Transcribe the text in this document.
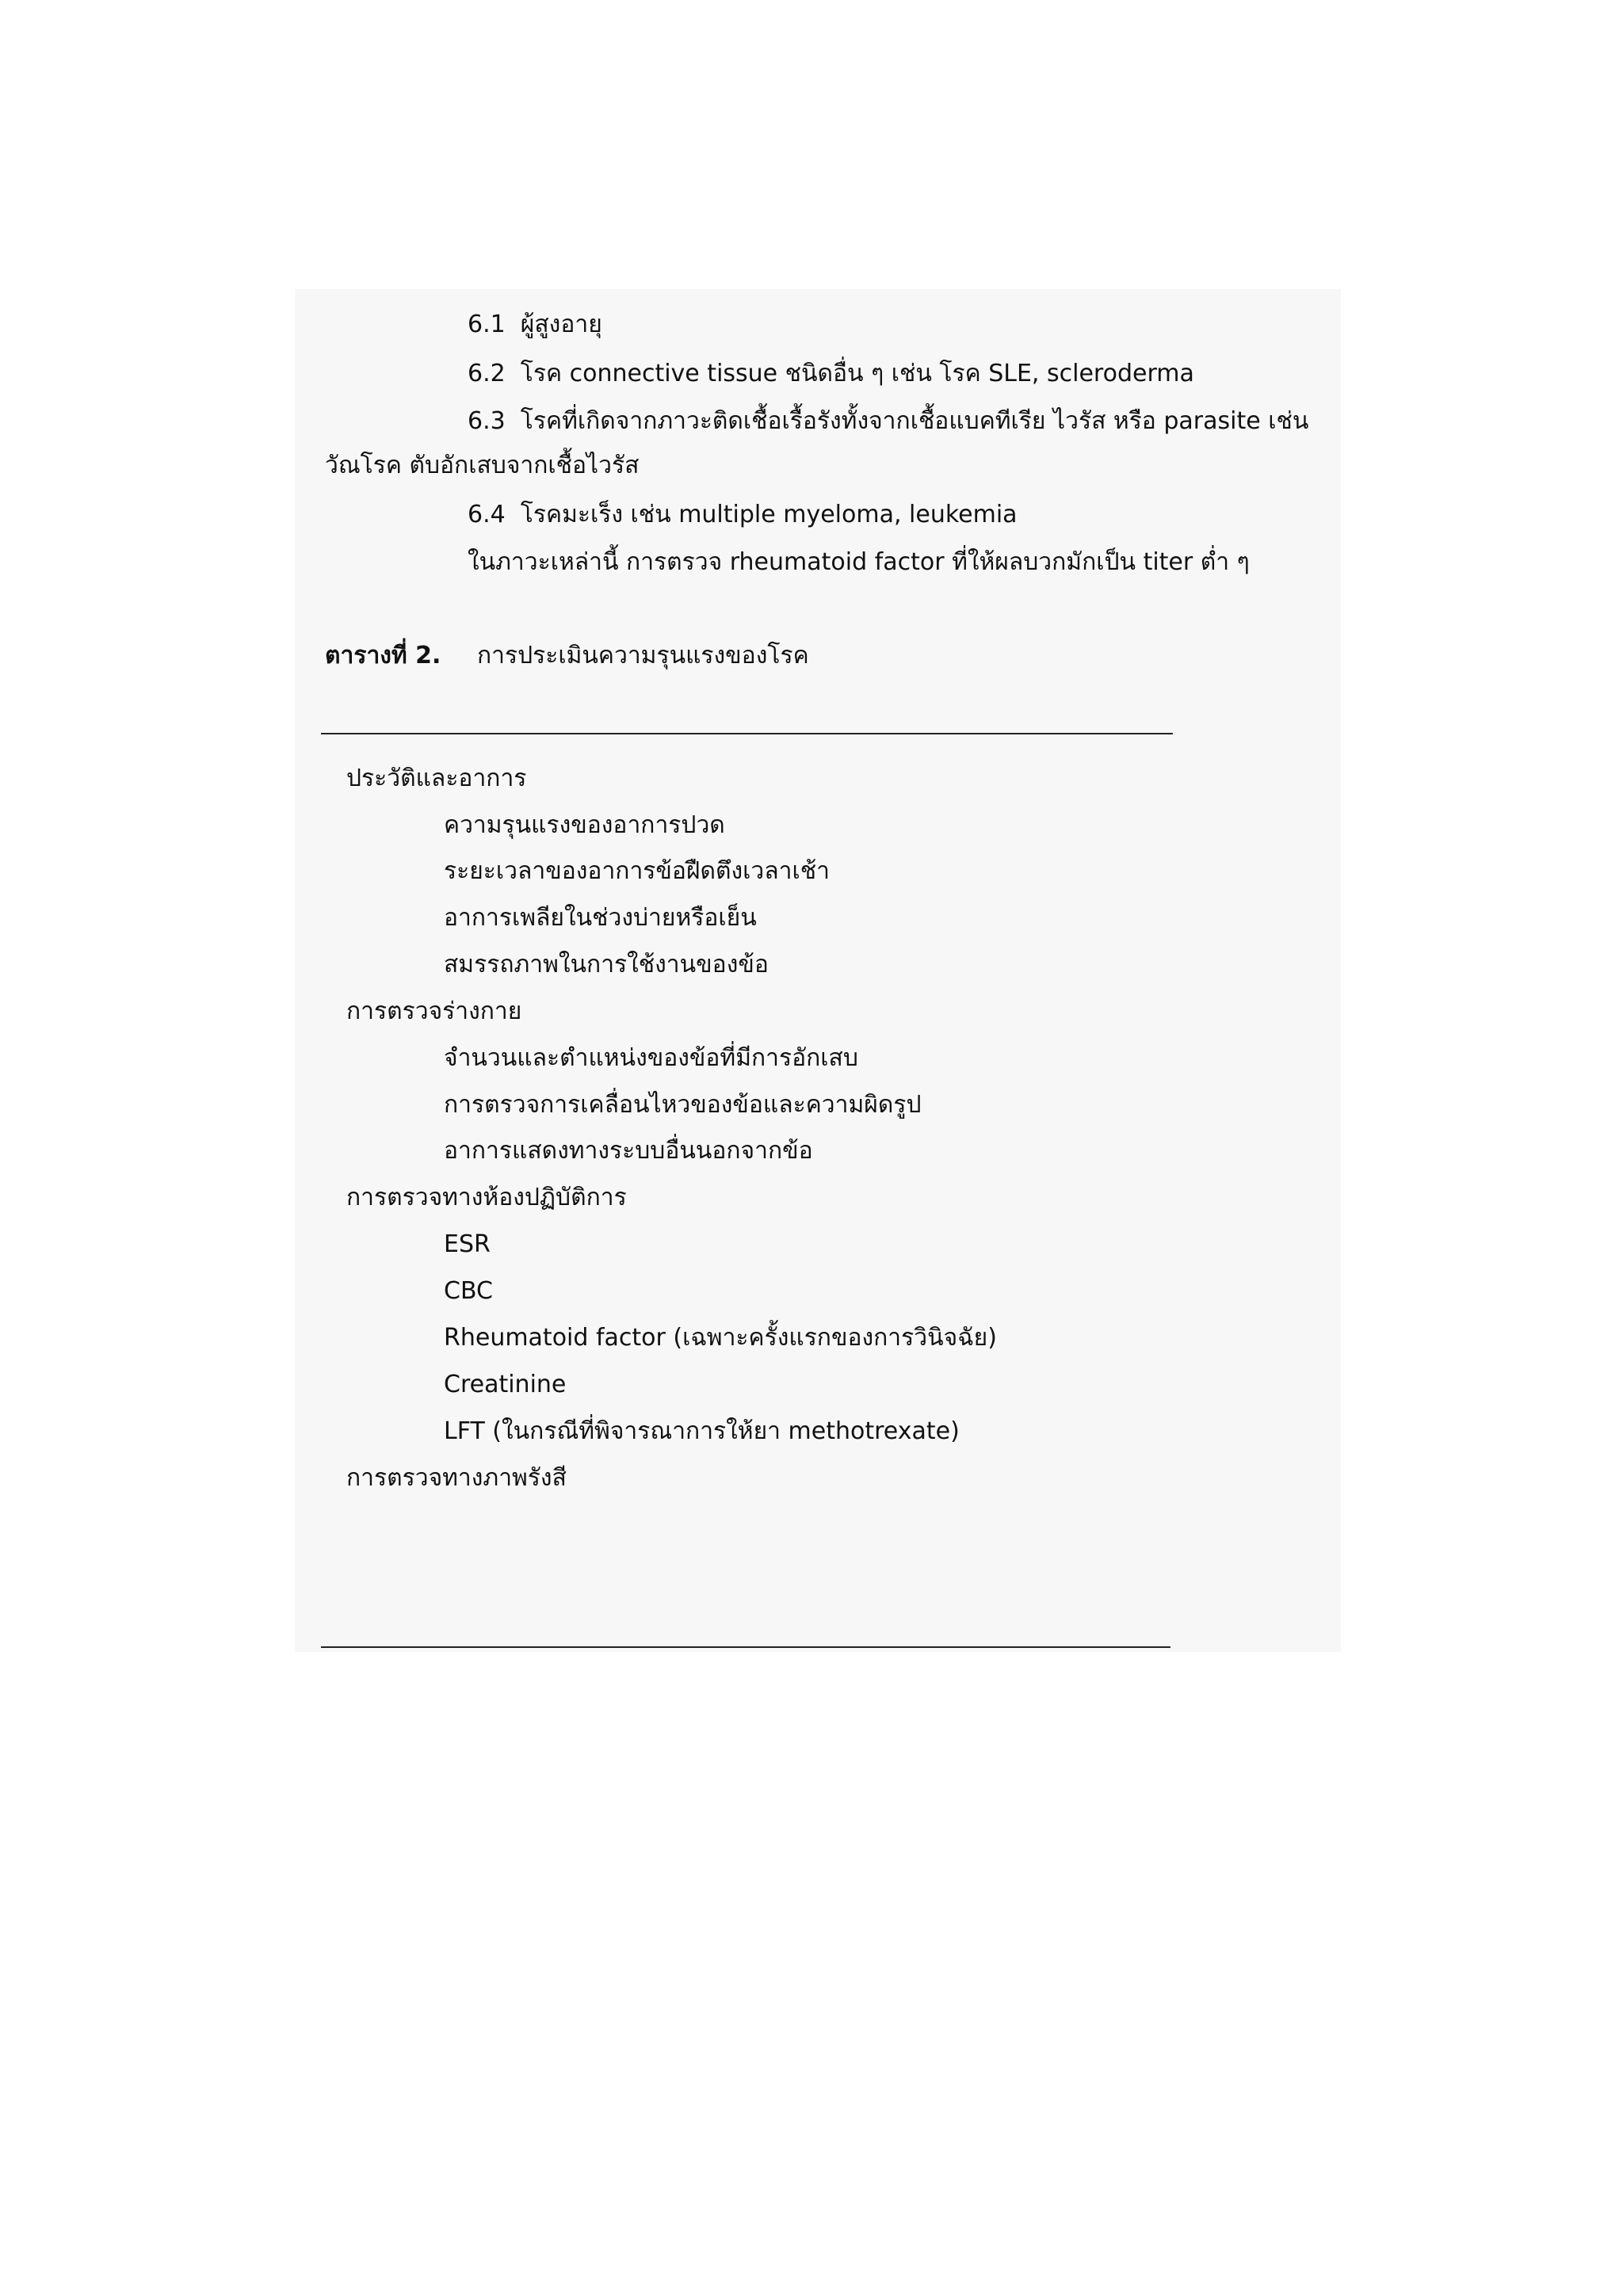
6.1 ผู้สูงอายุ
6.2 โรค connective tissue ชนิดอื่น ๆ เช่น โรค SLE, scleroderma
6.3 โรคที่เกิดจากภาวะติดเชื้อเรื้อรังทั้งจากเชื้อแบคทีเรีย ไวรัส หรือ parasite เช่น
วัณโรค ตับอักเสบจากเชื้อไวรัส
6.4 โรคมะเร็ง เช่น multiple myeloma, leukemia
ในภาวะเหล่านี้ การตรวจ rheumatoid factor ที่ให้ผลบวกมักเป็น titer ต่ำ ๆ
ตารางที่ 2. การประเมินความรุนแรงของโรค
ประวัติและอาการ
ความรุนแรงของอาการปวด
ระยะเวลาของอาการข้อฝืดตึงเวลาเช้า
อาการเพลียในช่วงบ่ายหรือเย็น
สมรรถภาพในการใช้งานของข้อ
การตรวจร่างกาย
จำนวนและตำแหน่งของข้อที่มีการอักเสบ
การตรวจการเคลื่อนไหวของข้อและความผิดรูป
อาการแสดงทางระบบอื่นนอกจากข้อ
การตรวจทางห้องปฏิบัติการ
ESR
CBC
Rheumatoid factor (เฉพาะครั้งแรกของการวินิจฉัย)
Creatinine
LFT (ในกรณีที่พิจารณาการให้ยา methotrexate)
การตรวจทางภาพรังสี
